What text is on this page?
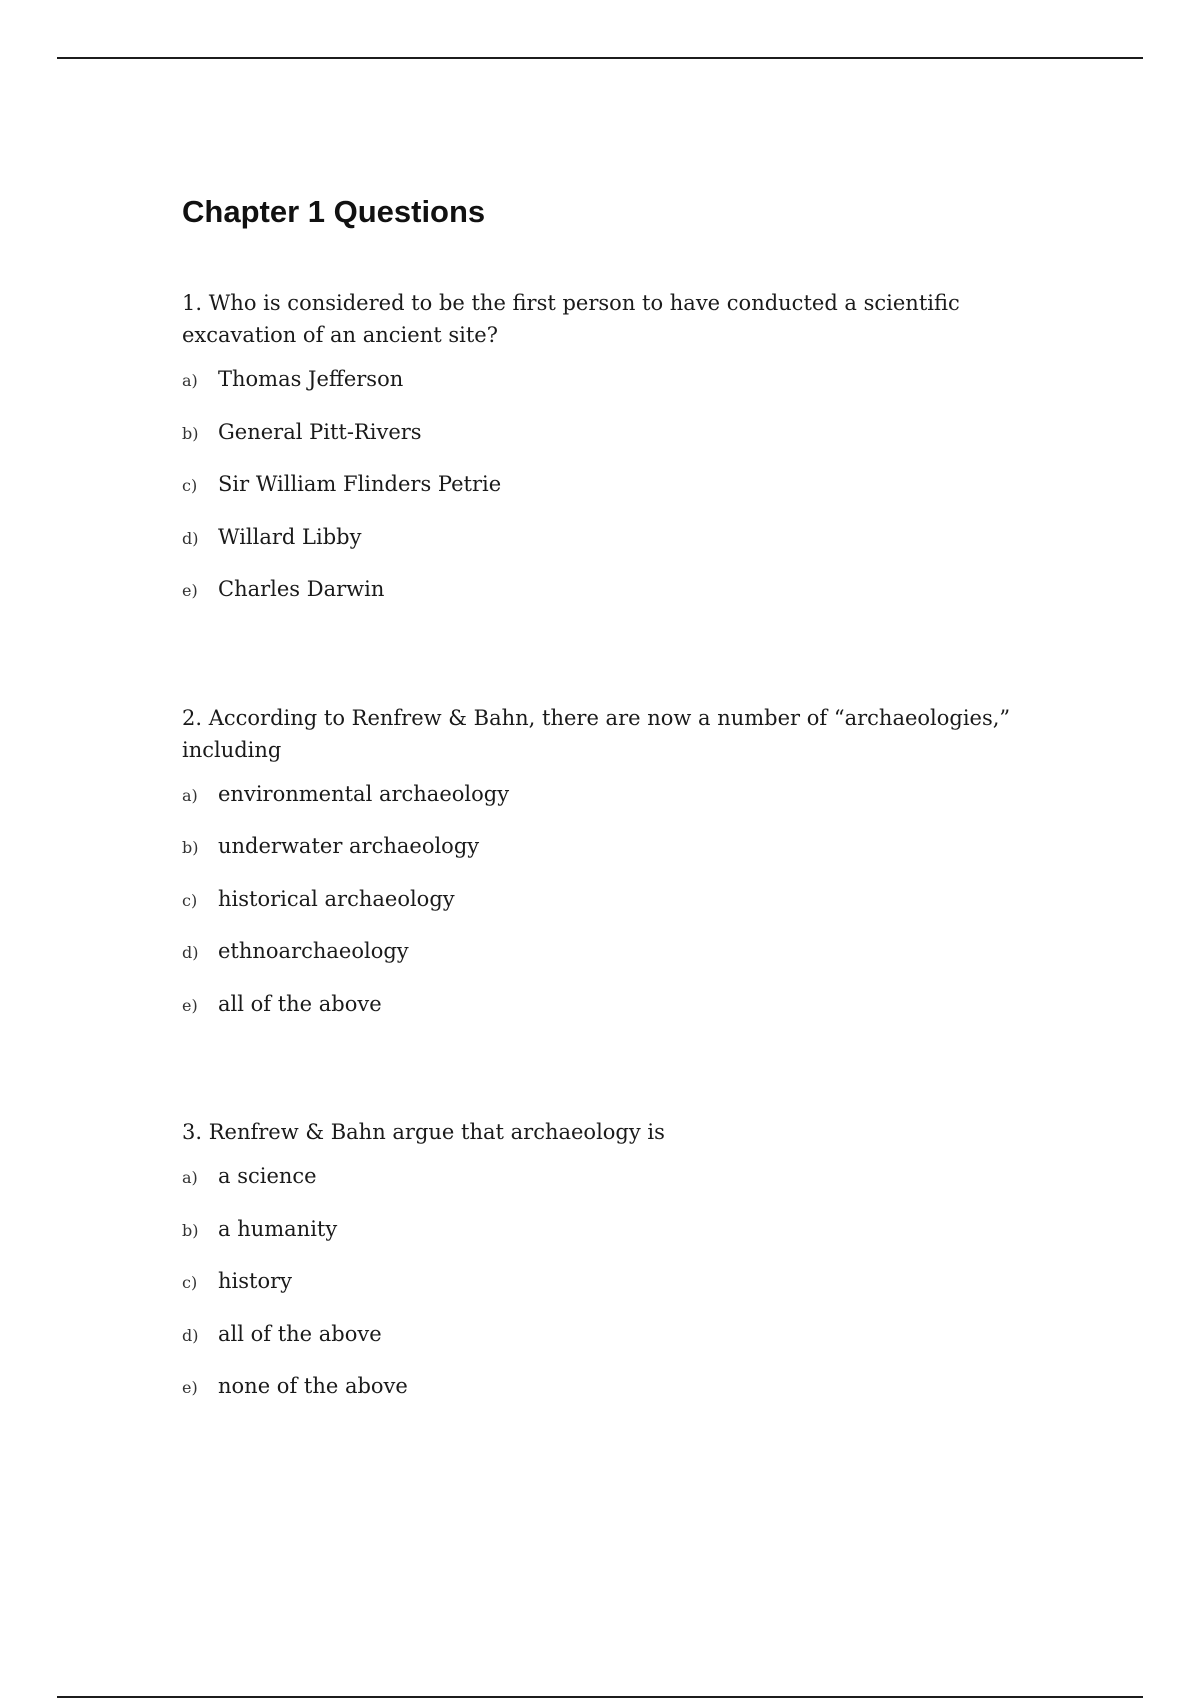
Chapter 1 Questions

1. Who is considered to be the first person to have conducted a scientific excavation of an ancient site?

a) Thomas Jefferson
b) General Pitt-Rivers
c) Sir William Flinders Petrie
d) Willard Libby
e) Charles Darwin

2. According to Renfrew & Bahn, there are now a number of “archaeologies,” including

a) environmental archaeology
b) underwater archaeology
c) historical archaeology
d) ethnoarchaeology
e) all of the above

3. Renfrew & Bahn argue that archaeology is

a) a science
b) a humanity
c) history
d) all of the above
e) none of the above
